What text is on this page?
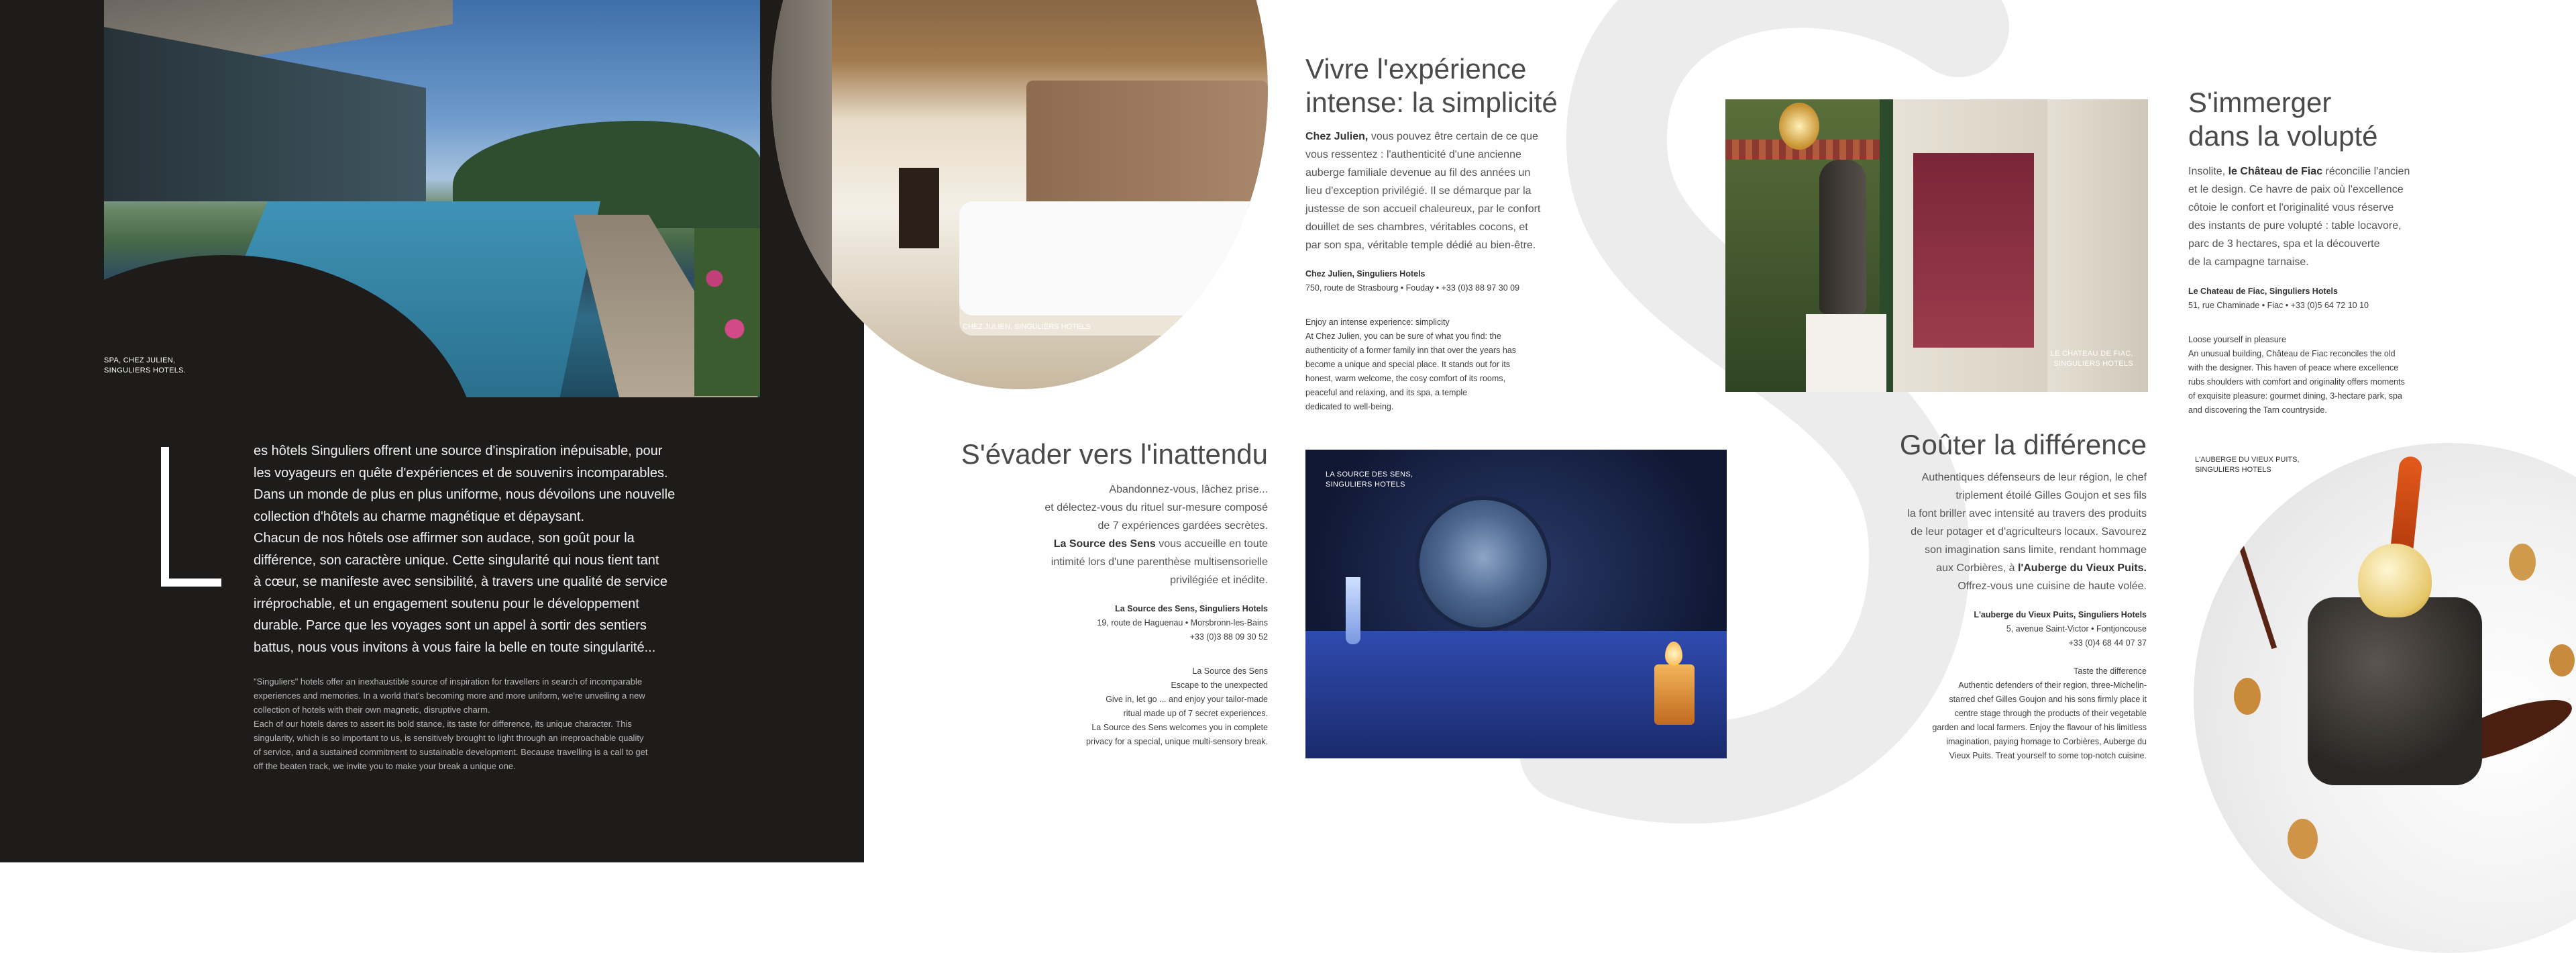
SPA, CHEZ JULIEN,
SINGULIERS HOTELS.
es hôtels Singuliers offrent une source d'inspiration inépuisable, pour
les voyageurs en quête d'expériences et de souvenirs incomparables.
Dans un monde de plus en plus uniforme, nous dévoilons une nouvelle
collection d'hôtels au charme magnétique et dépaysant.
Chacun de nos hôtels ose affirmer son audace, son goût pour la
différence, son caractère unique. Cette singularité qui nous tient tant
à cœur, se manifeste avec sensibilité, à travers une qualité de service
irréprochable, et un engagement soutenu pour le développement
durable. Parce que les voyages sont un appel à sortir des sentiers
battus, nous vous invitons à vous faire la belle en toute singularité...
"Singuliers" hotels offer an inexhaustible source of inspiration for travellers in search of incomparable
experiences and memories. In a world that's becoming more and more uniform, we're unveiling a new
collection of hotels with their own magnetic, disruptive charm.
Each of our hotels dares to assert its bold stance, its taste for difference, its unique character. This
singularity, which is so important to us, is sensitively brought to light through an irreproachable quality
of service, and a sustained commitment to sustainable development. Because travelling is a call to get
off the beaten track, we invite you to make your break a unique one.
CHEZ JULIEN, SINGULIERS HOTELS
Vivre l'expérience
intense: la simplicité
Chez Julien, vous pouvez être certain de ce que
vous ressentez : l'authenticité d'une ancienne
auberge familiale devenue au fil des années un
lieu d'exception privilégié. Il se démarque par la
justesse de son accueil chaleureux, par le confort
douillet de ses chambres, véritables cocons, et
par son spa, véritable temple dédié au bien-être.
Chez Julien, Singuliers Hotels
750, route de Strasbourg • Fouday • +33 (0)3 88 97 30 09
Enjoy an intense experience: simplicity
At Chez Julien, you can be sure of what you find: the
authenticity of a former family inn that over the years has
become a unique and special place. It stands out for its
honest, warm welcome, the cosy comfort of its rooms,
peaceful and relaxing, and its spa, a temple
dedicated to well-being.
S'évader vers l'inattendu
Abandonnez-vous, lâchez prise...
et délectez-vous du rituel sur-mesure composé
de 7 expériences gardées secrètes.
La Source des Sens vous accueille en toute
intimité lors d'une parenthèse multisensorielle
privilégiée et inédite.
La Source des Sens, Singuliers Hotels
19, route de Haguenau • Morsbronn-les-Bains
+33 (0)3 88 09 30 52
La Source des Sens
Escape to the unexpected
Give in, let go ... and enjoy your tailor-made
ritual made up of 7 secret experiences.
La Source des Sens welcomes you in complete
privacy for a special, unique multi-sensory break.
LA SOURCE DES SENS,
SINGULIERS HOTELS
LE CHATEAU DE FIAC,
SINGULIERS HOTELS
S'immerger
dans la volupté
Insolite, le Château de Fiac réconcilie l'ancien
et le design. Ce havre de paix où l'excellence
côtoie le confort et l'originalité vous réserve
des instants de pure volupté : table locavore,
parc de 3 hectares, spa et la découverte
de la campagne tarnaise.
Le Chateau de Fiac, Singuliers Hotels
51, rue Chaminade • Fiac • +33 (0)5 64 72 10 10
Loose yourself in pleasure
An unusual building, Château de Fiac reconciles the old
with the designer. This haven of peace where excellence
rubs shoulders with comfort and originality offers moments
of exquisite pleasure: gourmet dining, 3-hectare park, spa
and discovering the Tarn countryside.
Goûter la différence
Authentiques défenseurs de leur région, le chef
triplement étoilé Gilles Goujon et ses fils
la font briller avec intensité au travers des produits
de leur potager et d'agriculteurs locaux. Savourez
son imagination sans limite, rendant hommage
aux Corbières, à l'Auberge du Vieux Puits.
Offrez-vous une cuisine de haute volée.
L'auberge du Vieux Puits, Singuliers Hotels
5, avenue Saint-Victor • Fontjoncouse
+33 (0)4 68 44 07 37
Taste the difference
Authentic defenders of their region, three-Michelin-
starred chef Gilles Goujon and his sons firmly place it
centre stage through the products of their vegetable
garden and local farmers. Enjoy the flavour of his limitless
imagination, paying homage to Corbières, Auberge du
Vieux Puits. Treat yourself to some top-notch cuisine.
L'AUBERGE DU VIEUX PUITS,
SINGULIERS HOTELS
